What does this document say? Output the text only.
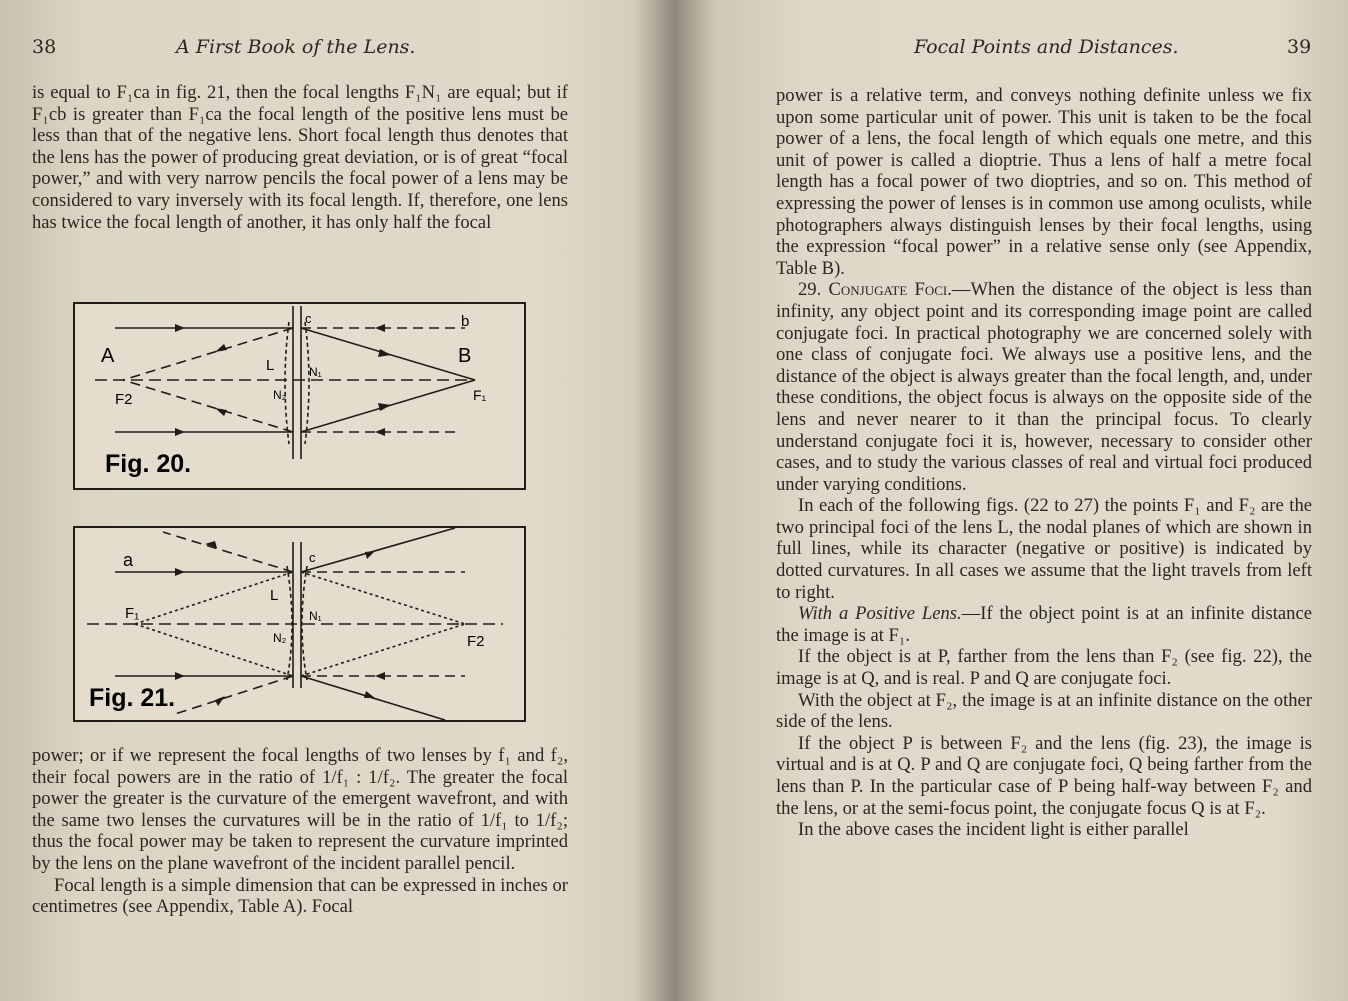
38	A First Book of the Lens.

is equal to F₁ca in fig. 21, then the focal lengths F₁N₁ are equal; but if F₁cb is greater than F₁ca the focal length of the positive lens must be less than that of the negative lens. Short focal length thus denotes that the lens has the power of producing great deviation, or is of great “focal power,” and with very narrow pencils the focal power of a lens may be considered to vary inversely with its focal length. If, therefore, one lens has twice the focal length of another, it has only half the focal

A	B
c	b
L	N₁
N₂
F2	F₁
Fig. 20.
a	c
L
N₁
N₂
F₁
F2
Fig. 21.

power; or if we represent the focal lengths of two lenses by f₁ and f₂, their focal powers are in the ratio of 1/f₁ : 1/f₂. The greater the focal power the greater is the curvature of the emergent wavefront, and with the same two lenses the curvatures will be in the ratio of 1/f₁ to 1/f₂; thus the focal power may be taken to represent the curvature imprinted by the lens on the plane wavefront of the incident parallel pencil.

Focal length is a simple dimension that can be expressed in inches or centimetres (see Appendix, Table A). Focal

Focal Points and Distances.	39

power is a relative term, and conveys nothing definite unless we fix upon some particular unit of power. This unit is taken to be the focal power of a lens, the focal length of which equals one metre, and this unit of power is called a dioptrie. Thus a lens of half a metre focal length has a focal power of two dioptries, and so on. This method of expressing the power of lenses is in common use among oculists, while photographers always distinguish lenses by their focal lengths, using the expression “focal power” in a relative sense only (see Appendix, Table B).

29. Conjugate Foci.—When the distance of the object is less than infinity, any object point and its corresponding image point are called conjugate foci. In practical photography we are concerned solely with one class of conjugate foci. We always use a positive lens, and the distance of the object is always greater than the focal length, and, under these conditions, the object focus is always on the opposite side of the lens and never nearer to it than the principal focus. To clearly understand conjugate foci it is, however, necessary to consider other cases, and to study the various classes of real and virtual foci produced under varying conditions.

In each of the following figs. (22 to 27) the points F₁ and F₂ are the two principal foci of the lens L, the nodal planes of which are shown in full lines, while its character (negative or positive) is indicated by dotted curvatures. In all cases we assume that the light travels from left to right.

With a Positive Lens.—If the object point is at an infinite distance the image is at F₁.

If the object is at P, farther from the lens than F₂ (see fig. 22), the image is at Q, and is real. P and Q are conjugate foci.

With the object at F₂, the image is at an infinite distance on the other side of the lens.

If the object P is between F₂ and the lens (fig. 23), the image is virtual and is at Q. P and Q are conjugate foci, Q being farther from the lens than P. In the particular case of P being half-way between F₂ and the lens, or at the semi-focus point, the conjugate focus Q is at F₂.

In the above cases the incident light is either parallel
